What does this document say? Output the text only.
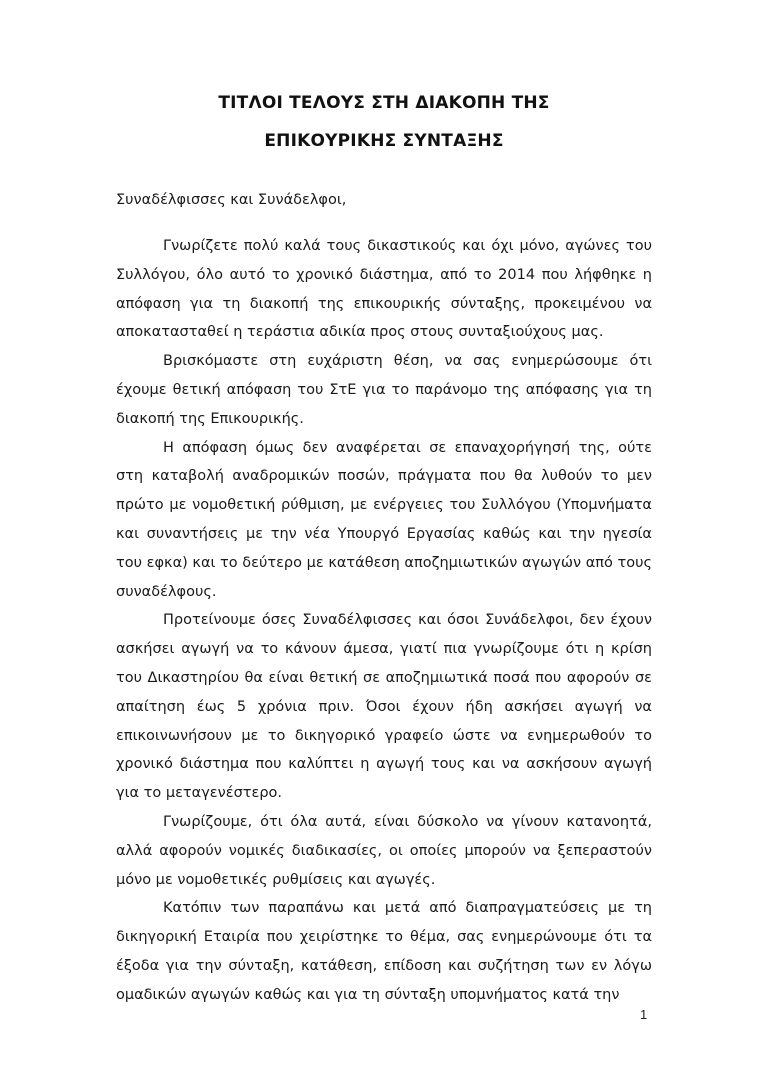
ΤΙΤΛΟΙ ΤΕΛΟΥΣ ΣΤΗ ΔΙΑΚΟΠΗ ΤΗΣ
ΕΠΙΚΟΥΡΙΚΗΣ ΣΥΝΤΑΞΗΣ
Συναδέλφισσες και Συνάδελφοι,

Γνωρίζετε πολύ καλά τους δικαστικούς και όχι μόνο, αγώνες του Συλλόγου, όλο αυτό το χρονικό διάστημα, από το 2014 που λήφθηκε η απόφαση για τη διακοπή της επικουρικής σύνταξης, προκειμένου να αποκατασταθεί η τεράστια αδικία προς στους συνταξιούχους μας.

Βρισκόμαστε στη ευχάριστη θέση, να σας ενημερώσουμε ότι έχουμε θετική απόφαση του ΣτΕ για το παράνομο της απόφασης για τη διακοπή της Επικουρικής.

Η απόφαση όμως δεν αναφέρεται σε επαναχορήγησή της, ούτε στη καταβολή αναδρομικών ποσών, πράγματα που θα λυθούν το μεν πρώτο με νομοθετική ρύθμιση, με ενέργειες του Συλλόγου (Υπομνήματα και συναντήσεις με την νέα Υπουργό Εργασίας καθώς και την ηγεσία του εφκα) και το δεύτερο με κατάθεση αποζημιωτικών αγωγών από τους συναδέλφους.

Προτείνουμε όσες Συναδέλφισσες και όσοι Συνάδελφοι, δεν έχουν ασκήσει αγωγή να το κάνουν άμεσα, γιατί πια γνωρίζουμε ότι η κρίση του Δικαστηρίου θα είναι θετική σε αποζημιωτικά ποσά που αφορούν σε απαίτηση έως 5 χρόνια πριν. Όσοι έχουν ήδη ασκήσει αγωγή να επικοινωνήσουν με το δικηγορικό γραφείο ώστε να ενημερωθούν το χρονικό διάστημα που καλύπτει η αγωγή τους και να ασκήσουν αγωγή για το μεταγενέστερο.

Γνωρίζουμε, ότι όλα αυτά, είναι δύσκολο να γίνουν κατανοητά, αλλά αφορούν νομικές διαδικασίες, οι οποίες μπορούν να ξεπεραστούν μόνο με νομοθετικές ρυθμίσεις και αγωγές.

Κατόπιν των παραπάνω και μετά από διαπραγματεύσεις με τη δικηγορική Εταιρία που χειρίστηκε το θέμα, σας ενημερώνουμε ότι τα έξοδα για την σύνταξη, κατάθεση, επίδοση και συζήτηση των εν λόγω ομαδικών αγωγών καθώς και για τη σύνταξη υπομνήματος κατά την

1
